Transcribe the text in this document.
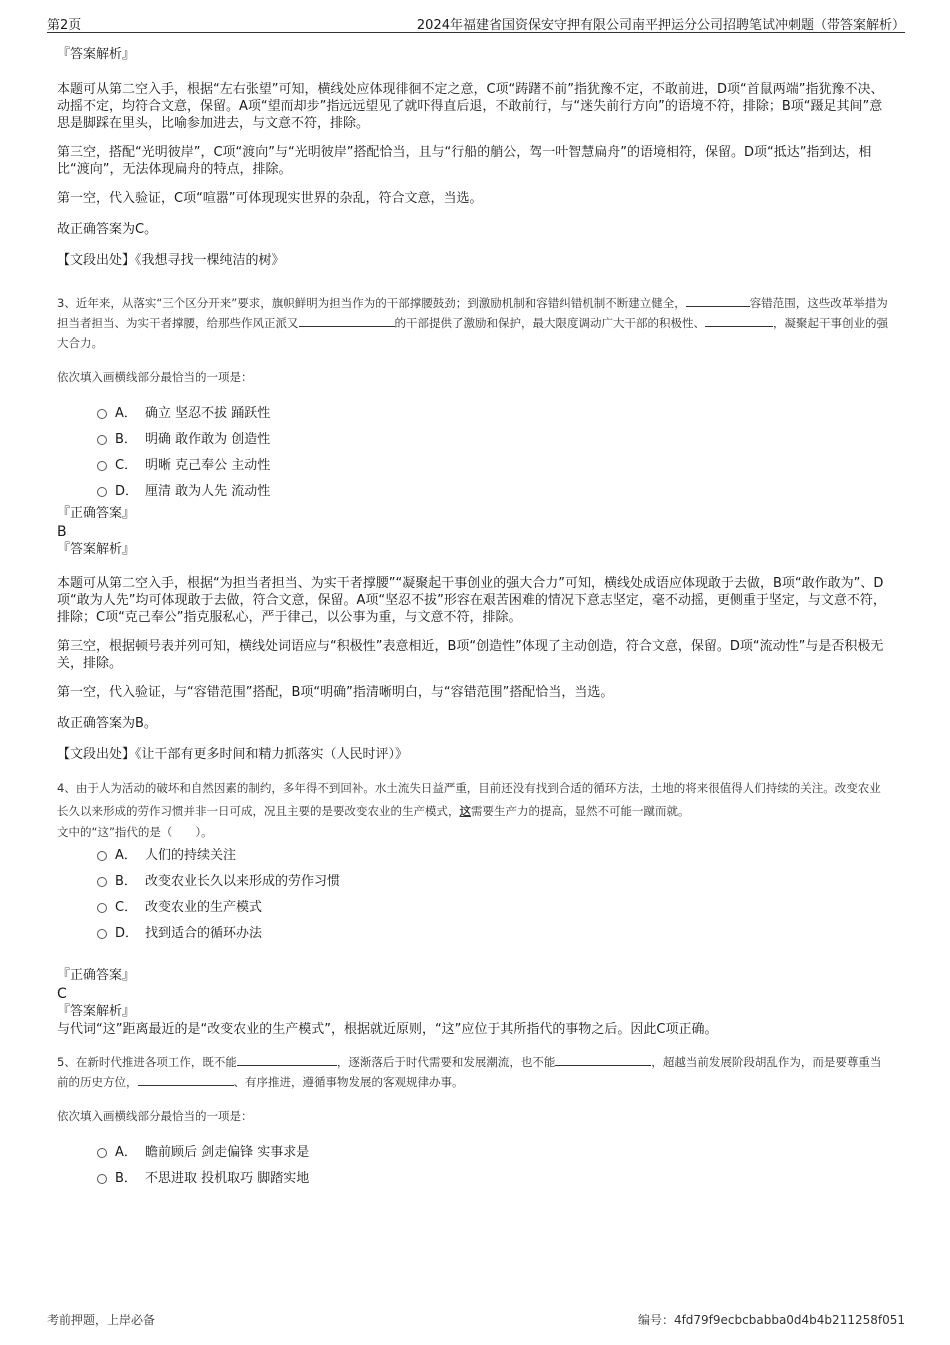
第2页	2024年福建省国资保安守押有限公司南平押运分公司招聘笔试冲刺题（带答案解析）

『答案解析』

本题可从第二空入手，根据“左右张望”可知，横线处应体现徘徊不定之意，C项“踌躇不前”指犹豫不定，不敢前进，D项“首鼠两端”指犹豫不决、动摇不定，均符合文意，保留。A项“望而却步”指远远望见了就吓得直后退，不敢前行，与“迷失前行方向”的语境不符，排除；B项“蹑足其间”意思是脚踩在里头，比喻参加进去，与文意不符，排除。

第三空，搭配“光明彼岸”，C项“渡向”与“光明彼岸”搭配恰当，且与“行船的艄公，驾一叶智慧扁舟”的语境相符，保留。D项“抵达”指到达，相比“渡向”，无法体现扁舟的特点，排除。

第一空，代入验证，C项“喧嚣”可体现现实世界的杂乱，符合文意，当选。

故正确答案为C。

【文段出处】《我想寻找一棵纯洁的树》

3、近年来，从落实“三个区分开来”要求，旗帜鲜明为担当作为的干部撑腰鼓劲；到激励机制和容错纠错机制不断建立健全，	容错范围，这些改革举措为担当者担当、为实干者撑腰，给那些作风正派又	的干部提供了激励和保护，最大限度调动广大干部的积极性、	，凝聚起干事创业的强大合力。

依次填入画横线部分最恰当的一项是：

A． 确立 坚忍不拔 踊跃性
B． 明确 敢作敢为 创造性
C． 明晰 克己奉公 主动性
D． 厘清 敢为人先 流动性

『正确答案』

B

『答案解析』

本题可从第二空入手，根据“为担当者担当、为实干者撑腰”“凝聚起干事创业的强大合力”可知，横线处成语应体现敢于去做，B项“敢作敢为”、D项“敢为人先”均可体现敢于去做，符合文意，保留。A项“坚忍不拔”形容在艰苦困难的情况下意志坚定，毫不动摇，更侧重于坚定，与文意不符，排除；C项“克己奉公”指克服私心，严于律己，以公事为重，与文意不符，排除。

第三空，根据顿号表并列可知，横线处词语应与“积极性”表意相近，B项“创造性”体现了主动创造，符合文意，保留。D项“流动性”与是否积极无关，排除。

第一空，代入验证，与“容错范围”搭配，B项“明确”指清晰明白，与“容错范围”搭配恰当，当选。

故正确答案为B。

【文段出处】《让干部有更多时间和精力抓落实（人民时评）》

4、由于人为活动的破坏和自然因素的制约，多年得不到回补。水土流失日益严重，目前还没有找到合适的循环方法，土地的将来很值得人们持续的关注。改变农业长久以来形成的劳作习惯并非一日可成，况且主要的是要改变农业的生产模式，这需要生产力的提高，显然不可能一蹴而就。

文中的“这”指代的是（　　）。

A． 人们的持续关注
B． 改变农业长久以来形成的劳作习惯
C． 改变农业的生产模式
D． 找到适合的循环办法

『正确答案』

C

『答案解析』

与代词“这”距离最近的是“改变农业的生产模式”，根据就近原则，“这”应位于其所指代的事物之后。因此C项正确。

5、在新时代推进各项工作，既不能	，逐渐落后于时代需要和发展潮流，也不能	，超越当前发展阶段胡乱作为，而是要尊重当前的历史方位，	、有序推进，遵循事物发展的客观规律办事。

依次填入画横线部分最恰当的一项是：

A． 瞻前顾后 剑走偏锋 实事求是
B． 不思进取 投机取巧 脚踏实地
考前押题，上岸必备	编号：4fd79f9ecbcbabba0d4b4b211258f051
